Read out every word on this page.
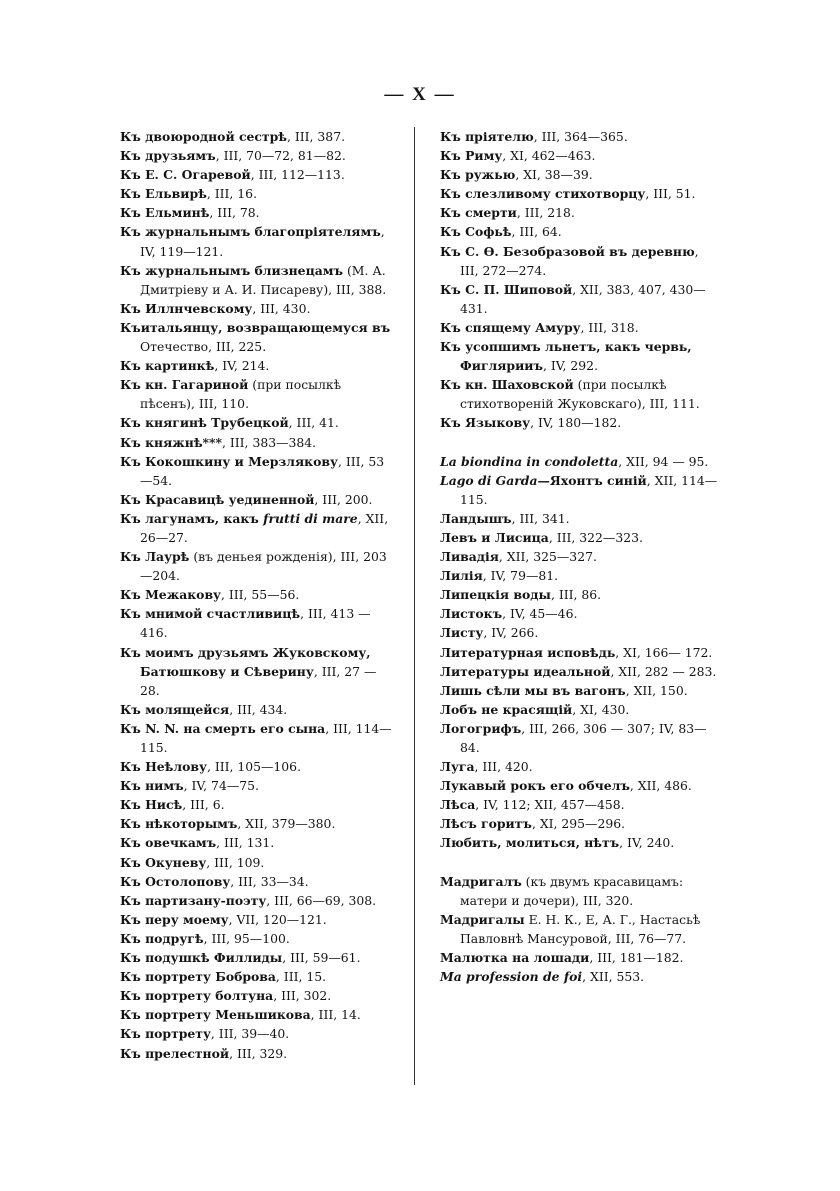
— X —
Къ двоюродной сестрѣ, III, 387.
Къ друзьямъ, III, 70—72, 81—82.
Къ Е. С. Огаревой, III, 112—113.
Къ Ельвирѣ, III, 16.
Къ Ельминѣ, III, 78.
Къ журнальнымъ благопріятелямъ, IV, 119—121.
Къ журнальнымъ близнецамъ (М. А. Дмитріеву и А. И. Писареву), III, 388.
Къ Иллнчевскому, III, 430.
Къитальянцу, возвращающемуся въ Отечество, III, 225.
Къ картинкѣ, IV, 214.
Къ кн. Гагариной (при посылкѣ пѣсенъ), III, 110.
Къ княгинѣ Трубецкой, III, 41.
Къ княжнѣ***, III, 383—384.
Къ Кокошкину и Мерзлякову, III, 53—54.
Къ Красавицѣ уединенной, III, 200.
Къ лагунамъ, какъ frutti di mare, XII, 26—27.
Къ Лаурѣ (въ деньея рожденія), III, 203—204.
Къ Межакову, III, 55—56.
Къ мнимой счастливицѣ, III, 413 — 416.
Къ моимъ друзьямъ Жуковскому, Батюшкову и Сѣверину, III, 27 — 28.
Къ молящейся, III, 434.
Къ N. N. на смерть его сына, III, 114—115.
Къ Неѣлову, III, 105—106.
Къ нимъ, IV, 74—75.
Къ Нисѣ, III, 6.
Къ нѣкоторымъ, XII, 379—380.
Къ овечкамъ, III, 131.
Къ Окуневу, III, 109.
Къ Остолопову, III, 33—34.
Къ партизану-поэту, III, 66—69, 308.
Къ перу моему, VII, 120—121.
Къ подругѣ, III, 95—100.
Къ подушкѣ Филлиды, III, 59—61.
Къ портрету Боброва, III, 15.
Къ портрету болтуна, III, 302.
Къ портрету Меньшикова, III, 14.
Къ портрету, III, 39—40.
Къ прелестной, III, 329.
Къ пріятелю, III, 364—365.
Къ Риму, XI, 462—463.
Къ ружью, XI, 38—39.
Къ слезливому стихотворцу, III, 51.
Къ смерти, III, 218.
Къ Софьѣ, III, 64.
Къ С. Ѳ. Безобразовой въ деревню, III, 272—274.
Къ С. П. Шиповой, XII, 383, 407, 430—431.
Къ спящему Амуру, III, 318.
Къ усопшимъ льнетъ, какъ червь, Фиглярииъ, IV, 292.
Къ кн. Шаховской (при посылкѣ стихотвореній Жуковскаго), III, 111.
Къ Языкову, IV, 180—182.
La biondina in condoletta, XII, 94 — 95.
Lago di Garda—Яхонтъ синій, XII, 114—115.
Ландышъ, III, 341.
Левъ и Лисица, III, 322—323.
Ливадія, XII, 325—327.
Лилія, IV, 79—81.
Липецкія воды, III, 86.
Листокъ, IV, 45—46.
Листу, IV, 266.
Литературная исповѣдь, XI, 166— 172.
Литературы идеальной, XII, 282 — 283.
Лишь сѣли мы въ вагонъ, XII, 150.
Лобъ не красящій, XI, 430.
Логогрифъ, III, 266, 306 — 307; IV, 83—84.
Луга, III, 420.
Лукавый рокъ его обчелъ, XII, 486.
Лѣса, IV, 112; XII, 457—458.
Лѣсъ горитъ, XI, 295—296.
Любить, молиться, нѣтъ, IV, 240.
Мадригалъ (къ двумъ красавицамъ: матери и дочери), III, 320.
Мадригалы Е. Н. К., Е, А. Г., Настасьѣ Павловнѣ Мансуровой, III, 76—77.
Малютка на лошади, III, 181—182.
Ma profession de foi, XII, 553.
